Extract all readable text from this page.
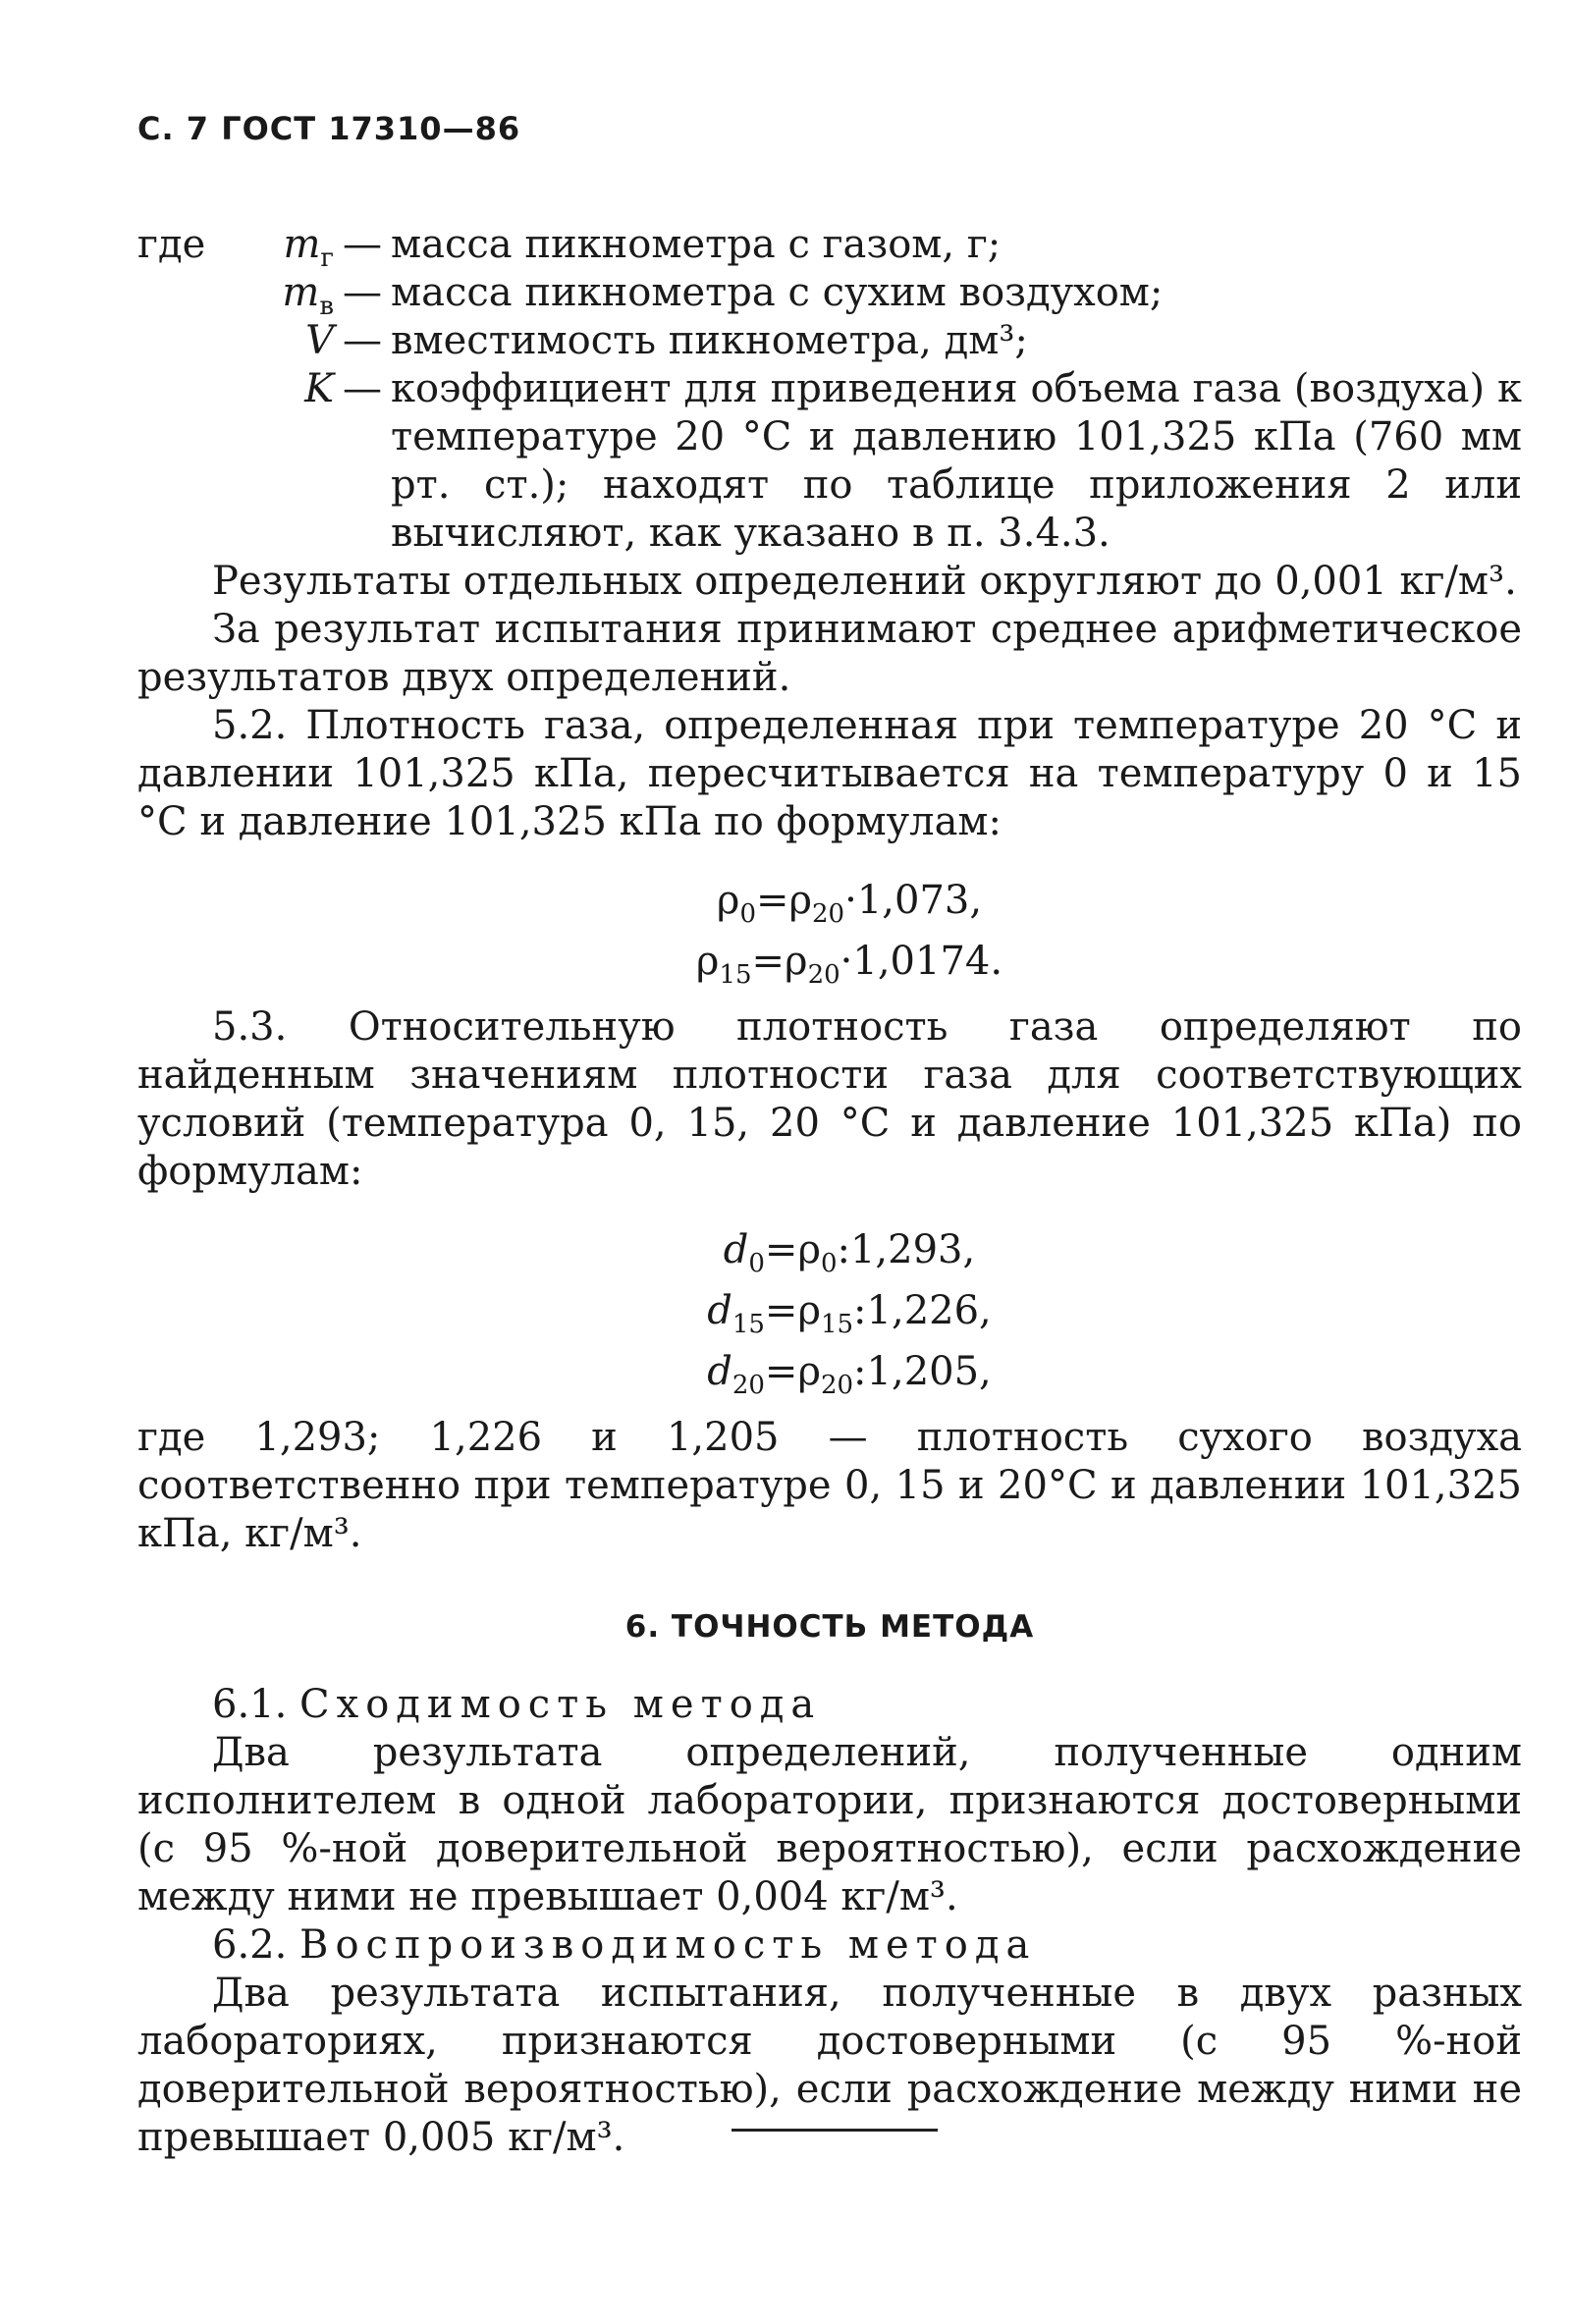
С. 7 ГОСТ 17310—86
где $m_г$ — масса пикнометра с газом, г;
$m_в$ — масса пикнометра с сухим воздухом;
V — вместимость пикнометра, дм³;
K — коэффициент для приведения объема газа (воздуха) к температуре 20 °С и давлению 101,325 кПа (760 мм рт. ст.); находят по таблице приложения 2 или вычисляют, как указано в п. 3.4.3.

Результаты отдельных определений округляют до 0,001 кг/м³.

За результат испытания принимают среднее арифметическое результатов двух определений.

5.2. Плотность газа, определенная при температуре 20 °С и давлении 101,325 кПа, пересчитывается на температуру 0 и 15 °С и давление 101,325 кПа по формулам:

$\rho_0=\rho_{20}\cdot 1,073$,
$\rho_{15}=\rho_{20}\cdot 1,0174$.

5.3. Относительную плотность газа определяют по найденным значениям плотности газа для соответствующих условий (температура 0, 15, 20 °С и давление 101,325 кПа) по формулам:

$d_0=\rho_0:1,293$,
$d_{15}=\rho_{15}:1,226$,
$d_{20}=\rho_{20}:1,205$,

где 1,293; 1,226 и 1,205 — плотность сухого воздуха соответственно при температуре 0, 15 и 20°С и давлении 101,325 кПа, кг/м³.

6. ТОЧНОСТЬ МЕТОДА

6.1. Сходимость метода

Два результата определений, полученные одним исполнителем в одной лаборатории, признаются достоверными (с 95 %-ной доверительной вероятностью), если расхождение между ними не превышает 0,004 кг/м³.

6.2. Воспроизводимость метода

Два результата испытания, полученные в двух разных лабораториях, признаются достоверными (с 95 %-ной доверительной вероятностью), если расхождение между ними не превышает 0,005 кг/м³.
